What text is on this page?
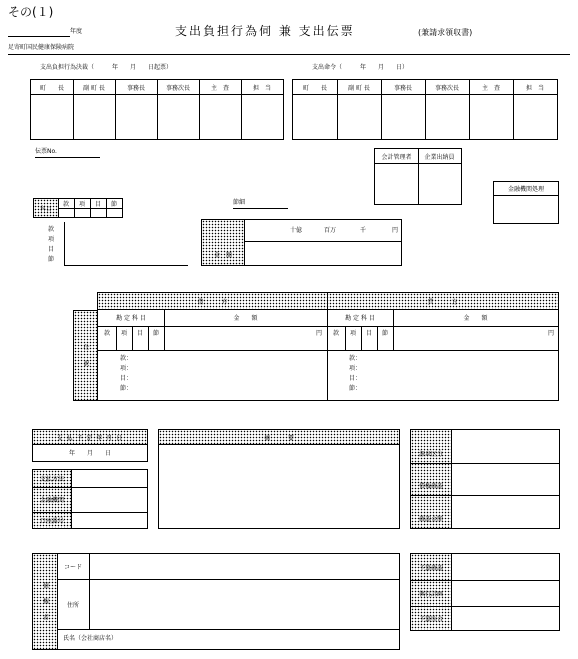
その(１)
年度	支出負担行為伺 兼 支出伝票	(兼請求領収書)
足寄町国民健康保険病院
支出負担行為決裁（　　　年　　月　　日起票）
町　　長	副 町 長	事務長	事務次長	主　査	担　当
支出命令（　　　年　　月　　日）
町　　長	副 町 長	事務長	事務次長	主　査	担　当
伝票No.
会計管理者	企業出納員
金融機関処理
科目
款	項	目	節
款
項
目
節
節細
金　額
十億	百万	千	円
仕　訳
借　　　方	貸　　　方
勘 定 科 目	金　　額	勘 定 科 目	金　　額
款	項	目	節	円	款	項	目	節	円
款：
項：
目：
節：
款：
項：
目：
節：
支 払 予 定 年 月 日
年　　月　　日
支払方法
金融機関
口座番号
摘　　　要
源泉区分
債権確認
確認金額
債　権　者
コード
住所
氏名（会社商店名）
予算確認
執行計画
予算照合
